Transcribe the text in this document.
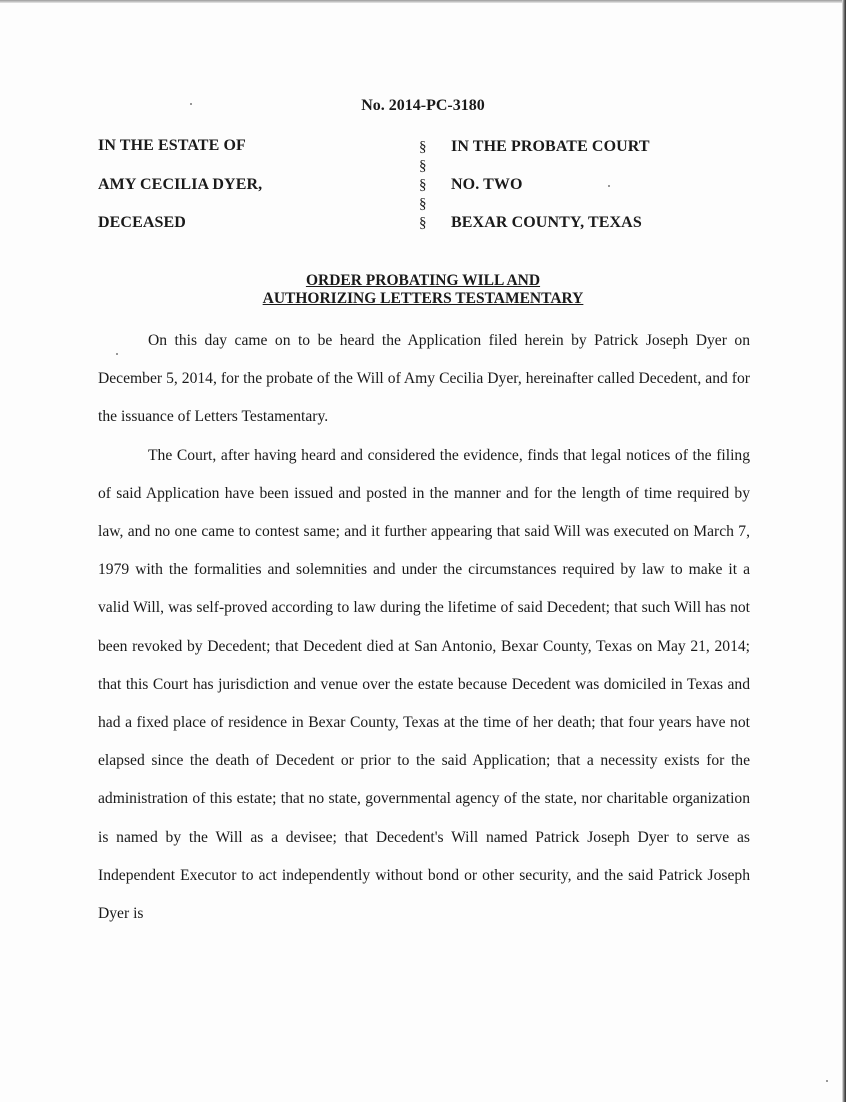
No. 2014-PC-3180
IN THE ESTATE OF
AMY CECILIA DYER,
DECEASED
§
§
§
§
§
IN THE PROBATE COURT
NO. TWO
BEXAR COUNTY, TEXAS
ORDER PROBATING WILL AND
AUTHORIZING LETTERS TESTAMENTARY

On this day came on to be heard the Application filed herein by Patrick Joseph Dyer on December 5, 2014, for the probate of the Will of Amy Cecilia Dyer, hereinafter called Decedent, and for the issuance of Letters Testamentary.

The Court, after having heard and considered the evidence, finds that legal notices of the filing of said Application have been issued and posted in the manner and for the length of time required by law, and no one came to contest same; and it further appearing that said Will was executed on March 7, 1979 with the formalities and solemnities and under the circumstances required by law to make it a valid Will, was self-proved according to law during the lifetime of said Decedent; that such Will has not been revoked by Decedent; that Decedent died at San Antonio, Bexar County, Texas on May 21, 2014; that this Court has jurisdiction and venue over the estate because Decedent was domiciled in Texas and had a fixed place of residence in Bexar County, Texas at the time of her death; that four years have not elapsed since the death of Decedent or prior to the said Application; that a necessity exists for the administration of this estate; that no state, governmental agency of the state, nor charitable organization is named by the Will as a devisee; that Decedent's Will named Patrick Joseph Dyer to serve as Independent Executor to act independently without bond or other security, and the said Patrick Joseph Dyer is
